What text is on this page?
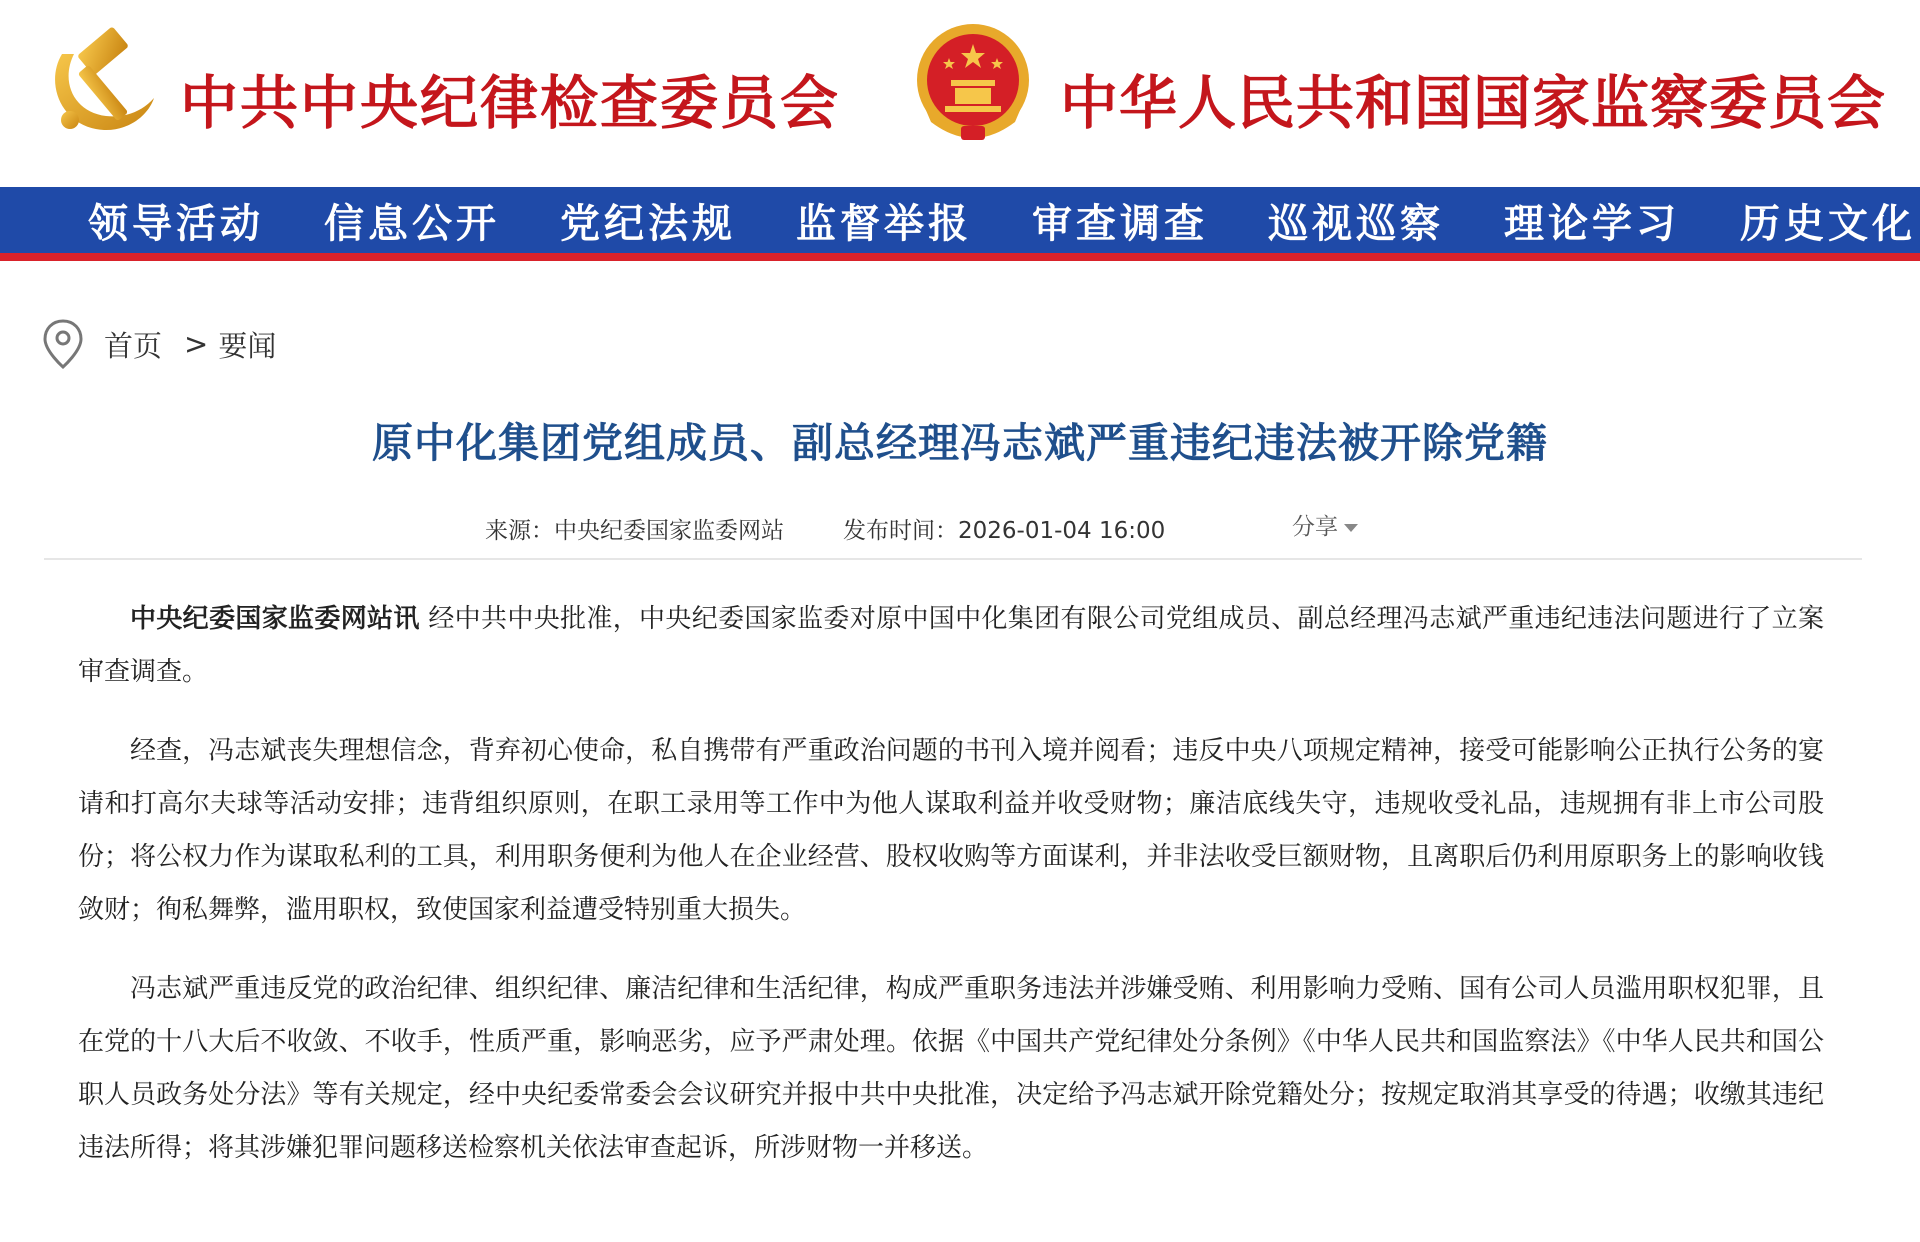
中共中央纪律检查委员会	中华人民共和国国家监察委员会
领导活动 信息公开 党纪法规 监督举报 审查调查 巡视巡察 理论学习 历史文化
首页 > 要闻
原中化集团党组成员、副总经理冯志斌严重违纪违法被开除党籍
来源：中央纪委国家监委网站	发布时间：2026-01-04 16:00	分享

中央纪委国家监委网站讯 经中共中央批准，中央纪委国家监委对原中国中化集团有限公司党组成员、副总经理冯志斌严重违纪违法问题进行了立案审查调查。

经查，冯志斌丧失理想信念，背弃初心使命，私自携带有严重政治问题的书刊入境并阅看；违反中央八项规定精神，接受可能影响公正执行公务的宴请和打高尔夫球等活动安排；违背组织原则，在职工录用等工作中为他人谋取利益并收受财物；廉洁底线失守，违规收受礼品，违规拥有非上市公司股份；将公权力作为谋取私利的工具，利用职务便利为他人在企业经营、股权收购等方面谋利，并非法收受巨额财物，且离职后仍利用原职务上的影响收钱敛财；徇私舞弊，滥用职权，致使国家利益遭受特别重大损失。

冯志斌严重违反党的政治纪律、组织纪律、廉洁纪律和生活纪律，构成严重职务违法并涉嫌受贿、利用影响力受贿、国有公司人员滥用职权犯罪，且在党的十八大后不收敛、不收手，性质严重，影响恶劣，应予严肃处理。依据《中国共产党纪律处分条例》《中华人民共和国监察法》《中华人民共和国公职人员政务处分法》等有关规定，经中央纪委常委会会议研究并报中共中央批准，决定给予冯志斌开除党籍处分；按规定取消其享受的待遇；收缴其违纪违法所得；将其涉嫌犯罪问题移送检察机关依法审查起诉，所涉财物一并移送。
